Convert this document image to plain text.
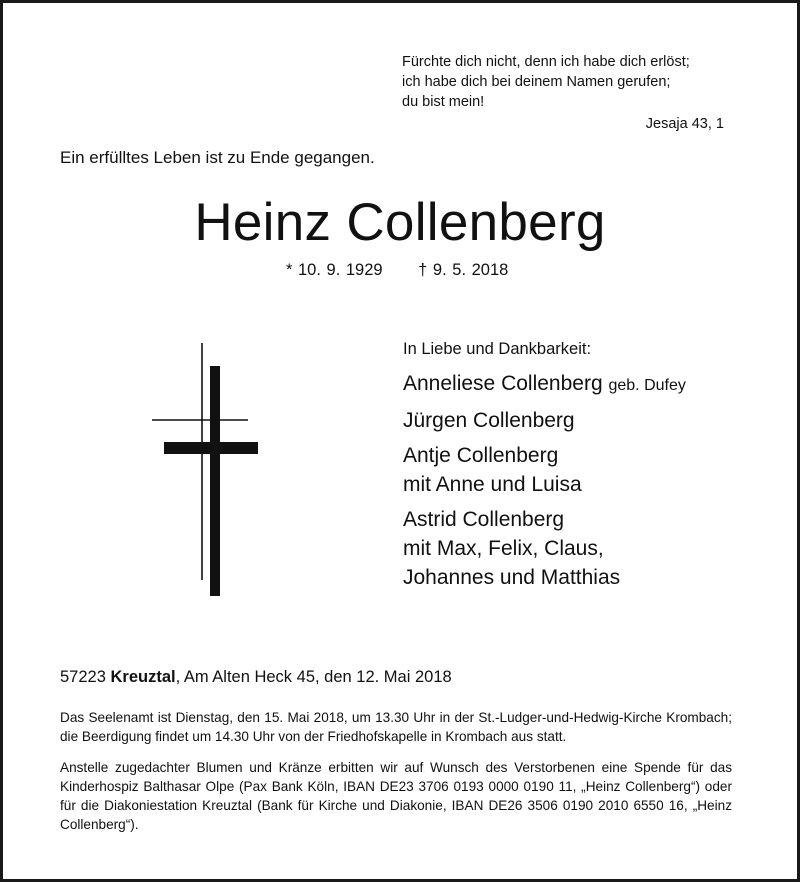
Fürchte dich nicht, denn ich habe dich erlöst;
ich habe dich bei deinem Namen gerufen;
du bist mein!
Jesaja 43, 1
Ein erfülltes Leben ist zu Ende gegangen.
Heinz Collenberg
* 10. 9. 1929 † 9. 5. 2018
In Liebe und Dankbarkeit:
Anneliese Collenberg geb. Dufey
Jürgen Collenberg
Antje Collenberg
mit Anne und Luisa
Astrid Collenberg
mit Max, Felix, Claus,
Johannes und Matthias
57223 Kreuztal, Am Alten Heck 45, den 12. Mai 2018
Das Seelenamt ist Dienstag, den 15. Mai 2018, um 13.30 Uhr in der St.-Ludger-und-Hedwig-Kirche Krombach; die Beerdigung findet um 14.30 Uhr von der Friedhofskapelle in Krombach aus statt.
Anstelle zugedachter Blumen und Kränze erbitten wir auf Wunsch des Verstorbenen eine Spende für das Kinderhospiz Balthasar Olpe (Pax Bank Köln, IBAN DE23 3706 0193 0000 0190 11, „Heinz Collenberg“) oder für die Diakoniestation Kreuztal (Bank für Kirche und Diakonie, IBAN DE26 3506 0190 2010 6550 16, „Heinz Collenberg“).
